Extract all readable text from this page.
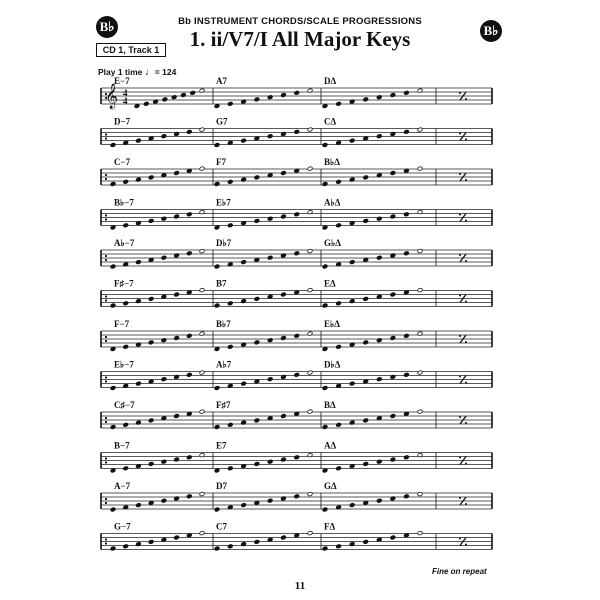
B♭	B♭
Bb INSTRUMENT CHORDS/SCALE PROGRESSIONS
1. ii/V7/I All Major Keys
CD 1, Track 1
Play 1 time ♩= 124
𝄞 4
4
E−7	A7	DΔ
D−7	G7	CΔ
C−7	F7	B♭Δ
B♭−7	E♭7	A♭Δ
A♭−7	D♭7	G♭Δ
F♯−7	B7	EΔ
F−7	B♭7	E♭Δ
E♭−7	A♭7	D♭Δ
C♯−7	F♯7	BΔ
B−7	E7	AΔ
A−7	D7	GΔ
G−7	C7	FΔ
Fine on repeat
11
